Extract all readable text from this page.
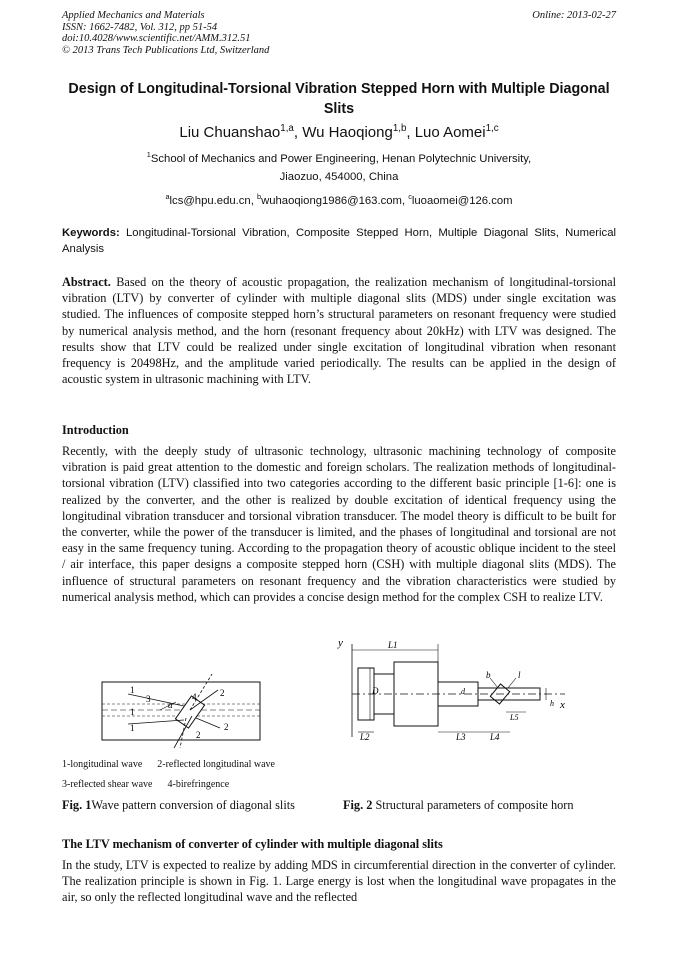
Applied Mechanics and Materials
ISSN: 1662-7482, Vol. 312, pp 51-54
doi:10.4028/www.scientific.net/AMM.312.51
© 2013 Trans Tech Publications Ltd, Switzerland
Online: 2013-02-27
Design of Longitudinal-Torsional Vibration Stepped Horn with Multiple Diagonal Slits
Liu Chuanshao$^{1,a}$, Wu Haoqiong$^{1,b}$, Luo Aomei$^{1,c}$
$^1$School of Mechanics and Power Engineering, Henan Polytechnic University,
Jiaozuo, 454000, China
$^a$lcs@hpu.edu.cn, $^b$wuhaoqiong1986@163.com, $^c$luoaomei@126.com
Keywords: Longitudinal-Torsional Vibration, Composite Stepped Horn, Multiple Diagonal Slits, Numerical Analysis
Abstract. Based on the theory of acoustic propagation, the realization mechanism of longitudinal-torsional vibration (LTV) by converter of cylinder with multiple diagonal slits (MDS) under single excitation was studied. The influences of composite stepped horn’s structural parameters on resonant frequency were studied by numerical analysis method, and the horn (resonant frequency about 20kHz) with LTV was designed. The results show that LTV could be realized under single excitation of longitudinal vibration when resonant frequency is 20498Hz, and the amplitude varied periodically. The results can be applied in the design of acoustic system in ultrasonic machining with LTV.
Introduction
Recently, with the deeply study of ultrasonic technology, ultrasonic machining technology of composite vibration is paid great attention to the domestic and foreign scholars. The realization methods of longitudinal-torsional vibration (LTV) classified into two categories according to the different basic principle [1-6]: one is realized by the converter, and the other is realized by double excitation of identical frequency using the longitudinal vibration transducer and torsional vibration transducer. The model theory is difficult to be built for the converter, while the power of the transducer is limited, and the phases of longitudinal and torsional are not easy in the same frequency tuning. According to the propagation theory of acoustic oblique incident to the steel / air interface, this paper designs a composite stepped horn (CSH) with multiple diagonal slits (MDS). The influence of structural parameters on resonant frequency and the vibration characteristics were studied by numerical analysis method, which can provides a concise design method for the complex CSH to realize LTV.
1
1
1
2
2
2
3	4
α
1-longitudinal wave 2-reflected longitudinal wave
3-reflected shear wave 4-birefringence
y
x
L1
L2	L3	L4
L5
D	d
b	l
h
Fig. 1Wave pattern conversion of diagonal slits	Fig. 2 Structural parameters of composite horn
The LTV mechanism of converter of cylinder with multiple diagonal slits
In the study, LTV is expected to realize by adding MDS in circumferential direction in the converter of cylinder. The realization principle is shown in Fig. 1. Large energy is lost when the longitudinal wave propagates in the air, so only the reflected longitudinal wave and the reflected
